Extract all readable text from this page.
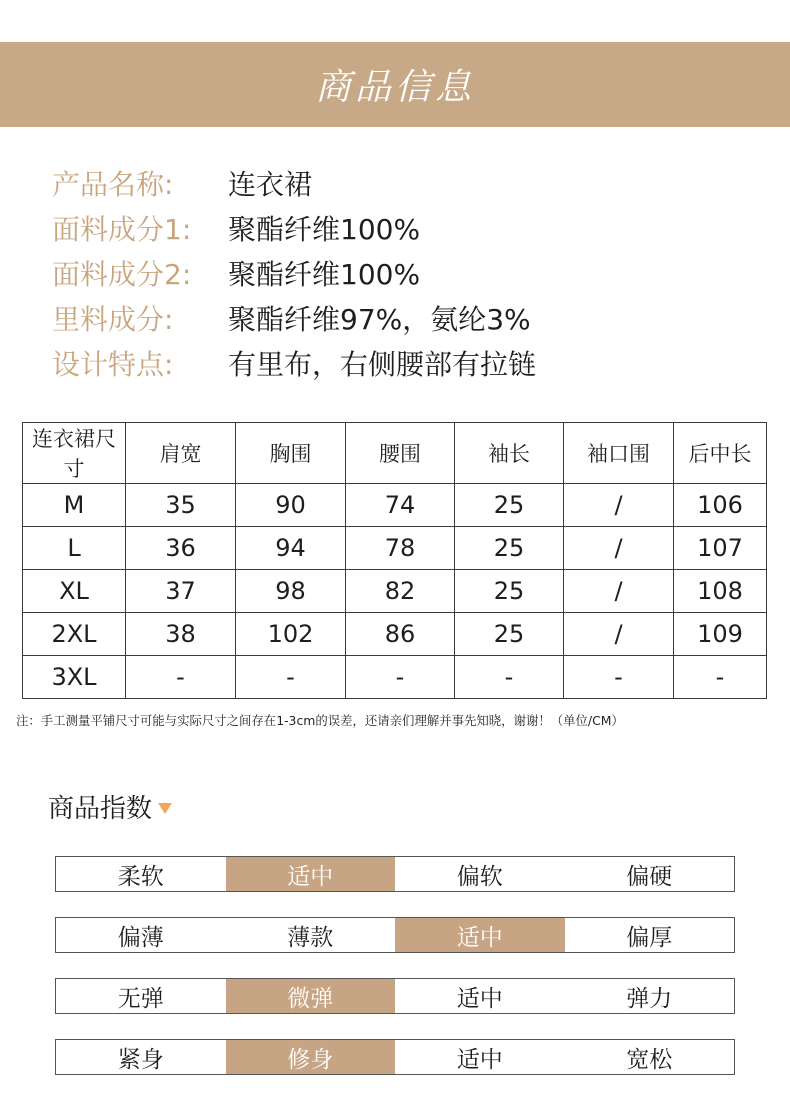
商品信息
产品名称:	连衣裙
面料成分1:	聚酯纤维100%
面料成分2:	聚酯纤维100%
里料成分:	聚酯纤维97%，氨纶3%
设计特点:	有里布，右侧腰部有拉链
连衣裙尺寸	肩宽	胸围	腰围	袖长	袖口围	后中长
M	35	90	74	25	/	106
L	36	94	78	25	/	107
XL	37	98	82	25	/	108
2XL	38	102	86	25	/	109
3XL	-	-	-	-	-	-
注：手工测量平铺尺寸可能与实际尺寸之间存在1-3cm的误差，还请亲们理解并事先知晓，谢谢！（单位/CM）
商品指数
柔软	适中	偏软	偏硬
偏薄	薄款	适中	偏厚
无弹	微弹	适中	弹力
紧身	修身	适中	宽松
